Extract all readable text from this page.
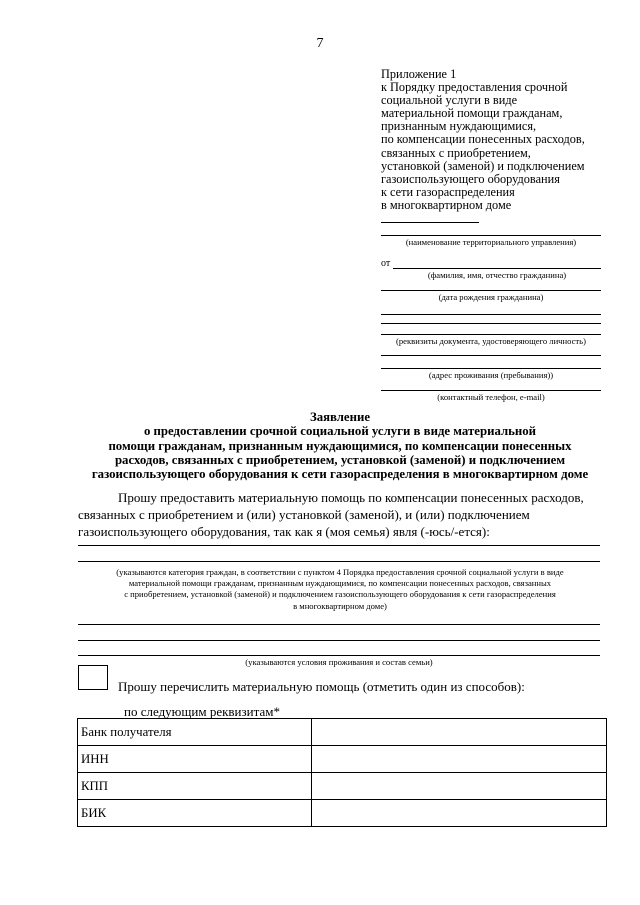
7
Приложение 1
к Порядку предоставления срочной
социальной услуги в виде
материальной помощи гражданам,
признанным нуждающимися,
по компенсации понесенных расходов,
связанных с приобретением,
установкой (заменой) и подключением
газоиспользующего оборудования
к сети газораспределения
в многоквартирном доме
(наименование территориального управления)
от
(фамилия, имя, отчество гражданина)
(дата рождения гражданина)
(реквизиты документа, удостоверяющего личность)
(адрес проживания (пребывания))
(контактный телефон, e-mail)
Заявление
о предоставлении срочной социальной услуги в виде материальной
помощи гражданам, признанным нуждающимися, по компенсации понесенных
расходов, связанных с приобретением, установкой (заменой) и подключением
газоиспользующего оборудования к сети газораспределения в многоквартирном доме
Прошу предоставить материальную помощь по компенсации понесенных расходов,
связанных с приобретением и (или) установкой (заменой), и (или) подключением
газоиспользующего оборудования, так как я (моя семья) явля (-юсь/-ется):
(указываются категория граждан, в соответствии с пунктом 4 Порядка предоставления срочной социальной услуги в виде
материальной помощи гражданам, признанным нуждающимися, по компенсации понесенных расходов, связанных
с приобретением, установкой (заменой) и подключением газоиспользующего оборудования к сети газораспределения
в многоквартирном доме)
(указываются условия проживания и состав семьи)
Прошу перечислить материальную помощь (отметить один из способов):
по следующим реквизитам*
Банк получателя	
ИНН	
КПП	
БИК	
